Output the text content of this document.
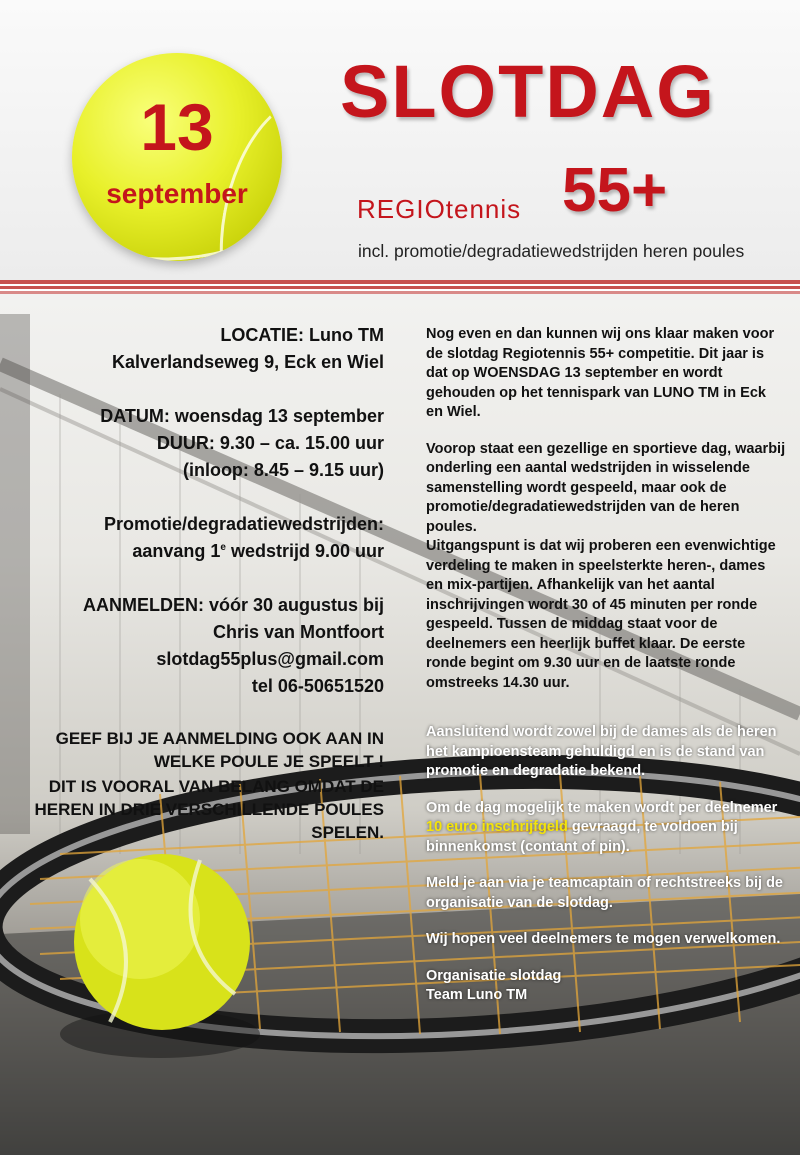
13
september
SLOTDAG
REGIOtennis 55+
incl. promotie/degradatiewedstrijden heren poules

LOCATIE: Luno TM

Kalverlandseweg 9, Eck en Wiel

DATUM: woensdag 13 september

DUUR: 9.30 – ca. 15.00 uur

(inloop: 8.45 – 9.15 uur)

Promotie/degradatiewedstrijden:

aanvang 1e wedstrijd 9.00 uur

AANMELDEN: vóór 30 augustus bij

Chris van Montfoort

slotdag55plus@gmail.com

tel 06-50651520

GEEF BIJ JE AANMELDING OOK AAN IN WELKE POULE JE SPEELT !

DIT IS VOORAL VAN BELANG OMDAT DE HEREN IN DRIE VERSCHILLENDE POULES SPELEN.

Nog even en dan kunnen wij ons klaar maken voor de slotdag Regiotennis 55+ competitie. Dit jaar is dat op WOENSDAG 13 september en wordt gehouden op het tennispark van LUNO TM in Eck en Wiel.

Voorop staat een gezellige en sportieve dag, waarbij onderling een aantal wedstrijden in wisselende samenstelling wordt gespeeld, maar ook de promotie/degradatiewedstrijden van de heren poules.

Uitgangspunt is dat wij proberen een evenwichtige verdeling te maken in speelsterkte heren-, dames en mix-partijen. Afhankelijk van het aantal inschrijvingen wordt 30 of 45 minuten per ronde gespeeld. Tussen de middag staat voor de deelnemers een heerlijk buffet klaar. De eerste ronde begint om 9.30 uur en de laatste ronde omstreeks 14.30 uur.

Aansluitend wordt zowel bij de dames als de heren het kampioensteam gehuldigd en is de stand van promotie en degradatie bekend.

Om de dag mogelijk te maken wordt per deelnemer 10 euro inschrijfgeld gevraagd, te voldoen bij binnenkomst (contant of pin).

Meld je aan via je teamcaptain of rechtstreeks bij de organisatie van de slotdag.

Wij hopen veel deelnemers te mogen verwelkomen.

Organisatie slotdag

Team Luno TM
